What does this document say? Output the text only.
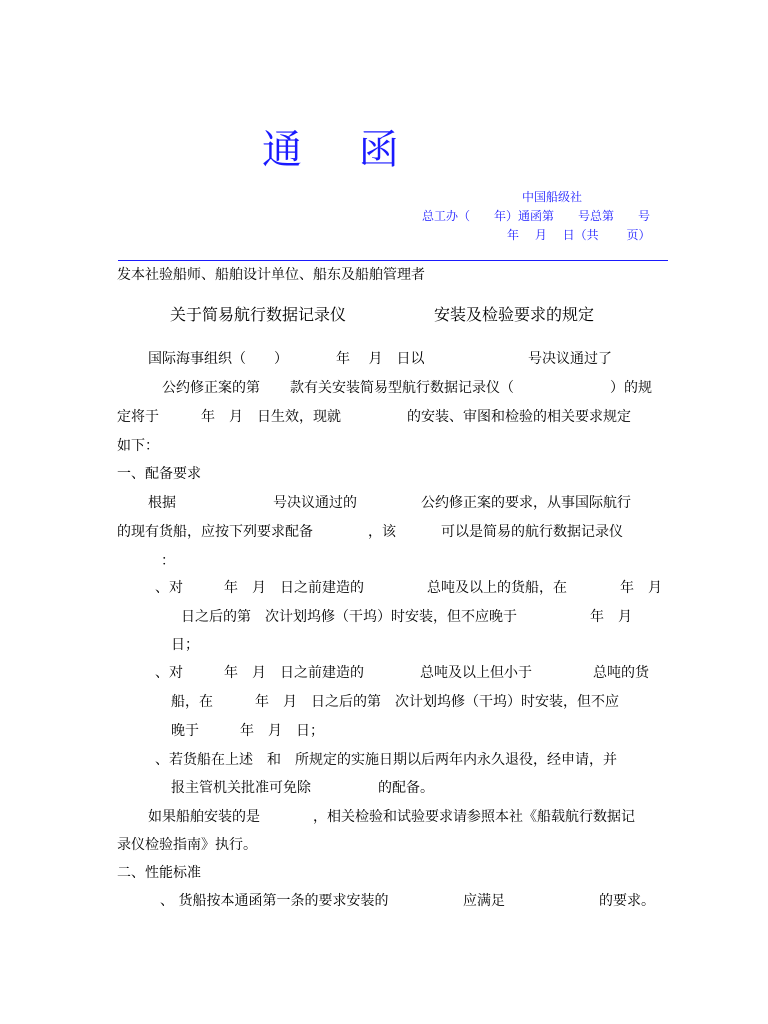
通 函
中国船级社
总工办（　　年）通函第　　号总第　　号
年　 月　 日（共　　 页）
发本社验船师、船舶设计单位、船东及船舶管理者
关于简易航行数据记录仪	安装及检验要求的规定
国际海事组织（　　）	年　 月　日以	号决议通过了
公约修正案的第 款有关安装简易型航行数据记录仪（	）的规
定将于	年　月　日生效，现就	的安装、审图和检验的相关要求规定
如下：
一、配备要求
根据	号决议通过的	公约修正案的要求，从事国际航行
的现有货船，应按下列要求配备	，该	可以是简易的航行数据记录仪
：
、对	年　月　日之前建造的	总吨及以上的货船，在	年　月
日之后的第　次计划坞修（干坞）时安装，但不应晚于	年　月
日；
、对	年　月　日之前建造的	总吨及以上但小于	总吨的货
船，在	年　月　日之后的第　次计划坞修（干坞）时安装，但不应
晚于	年　月　日；
、若货船在上述　和　所规定的实施日期以后两年内永久退役，经申请，并
报主管机关批准可免除	的配备。
如果船舶安装的是	，相关检验和试验要求请参照本社《船载航行数据记
录仪检验指南》执行。
二、性能标准
、 货船按本通函第一条的要求安装的	应满足	的要求。
